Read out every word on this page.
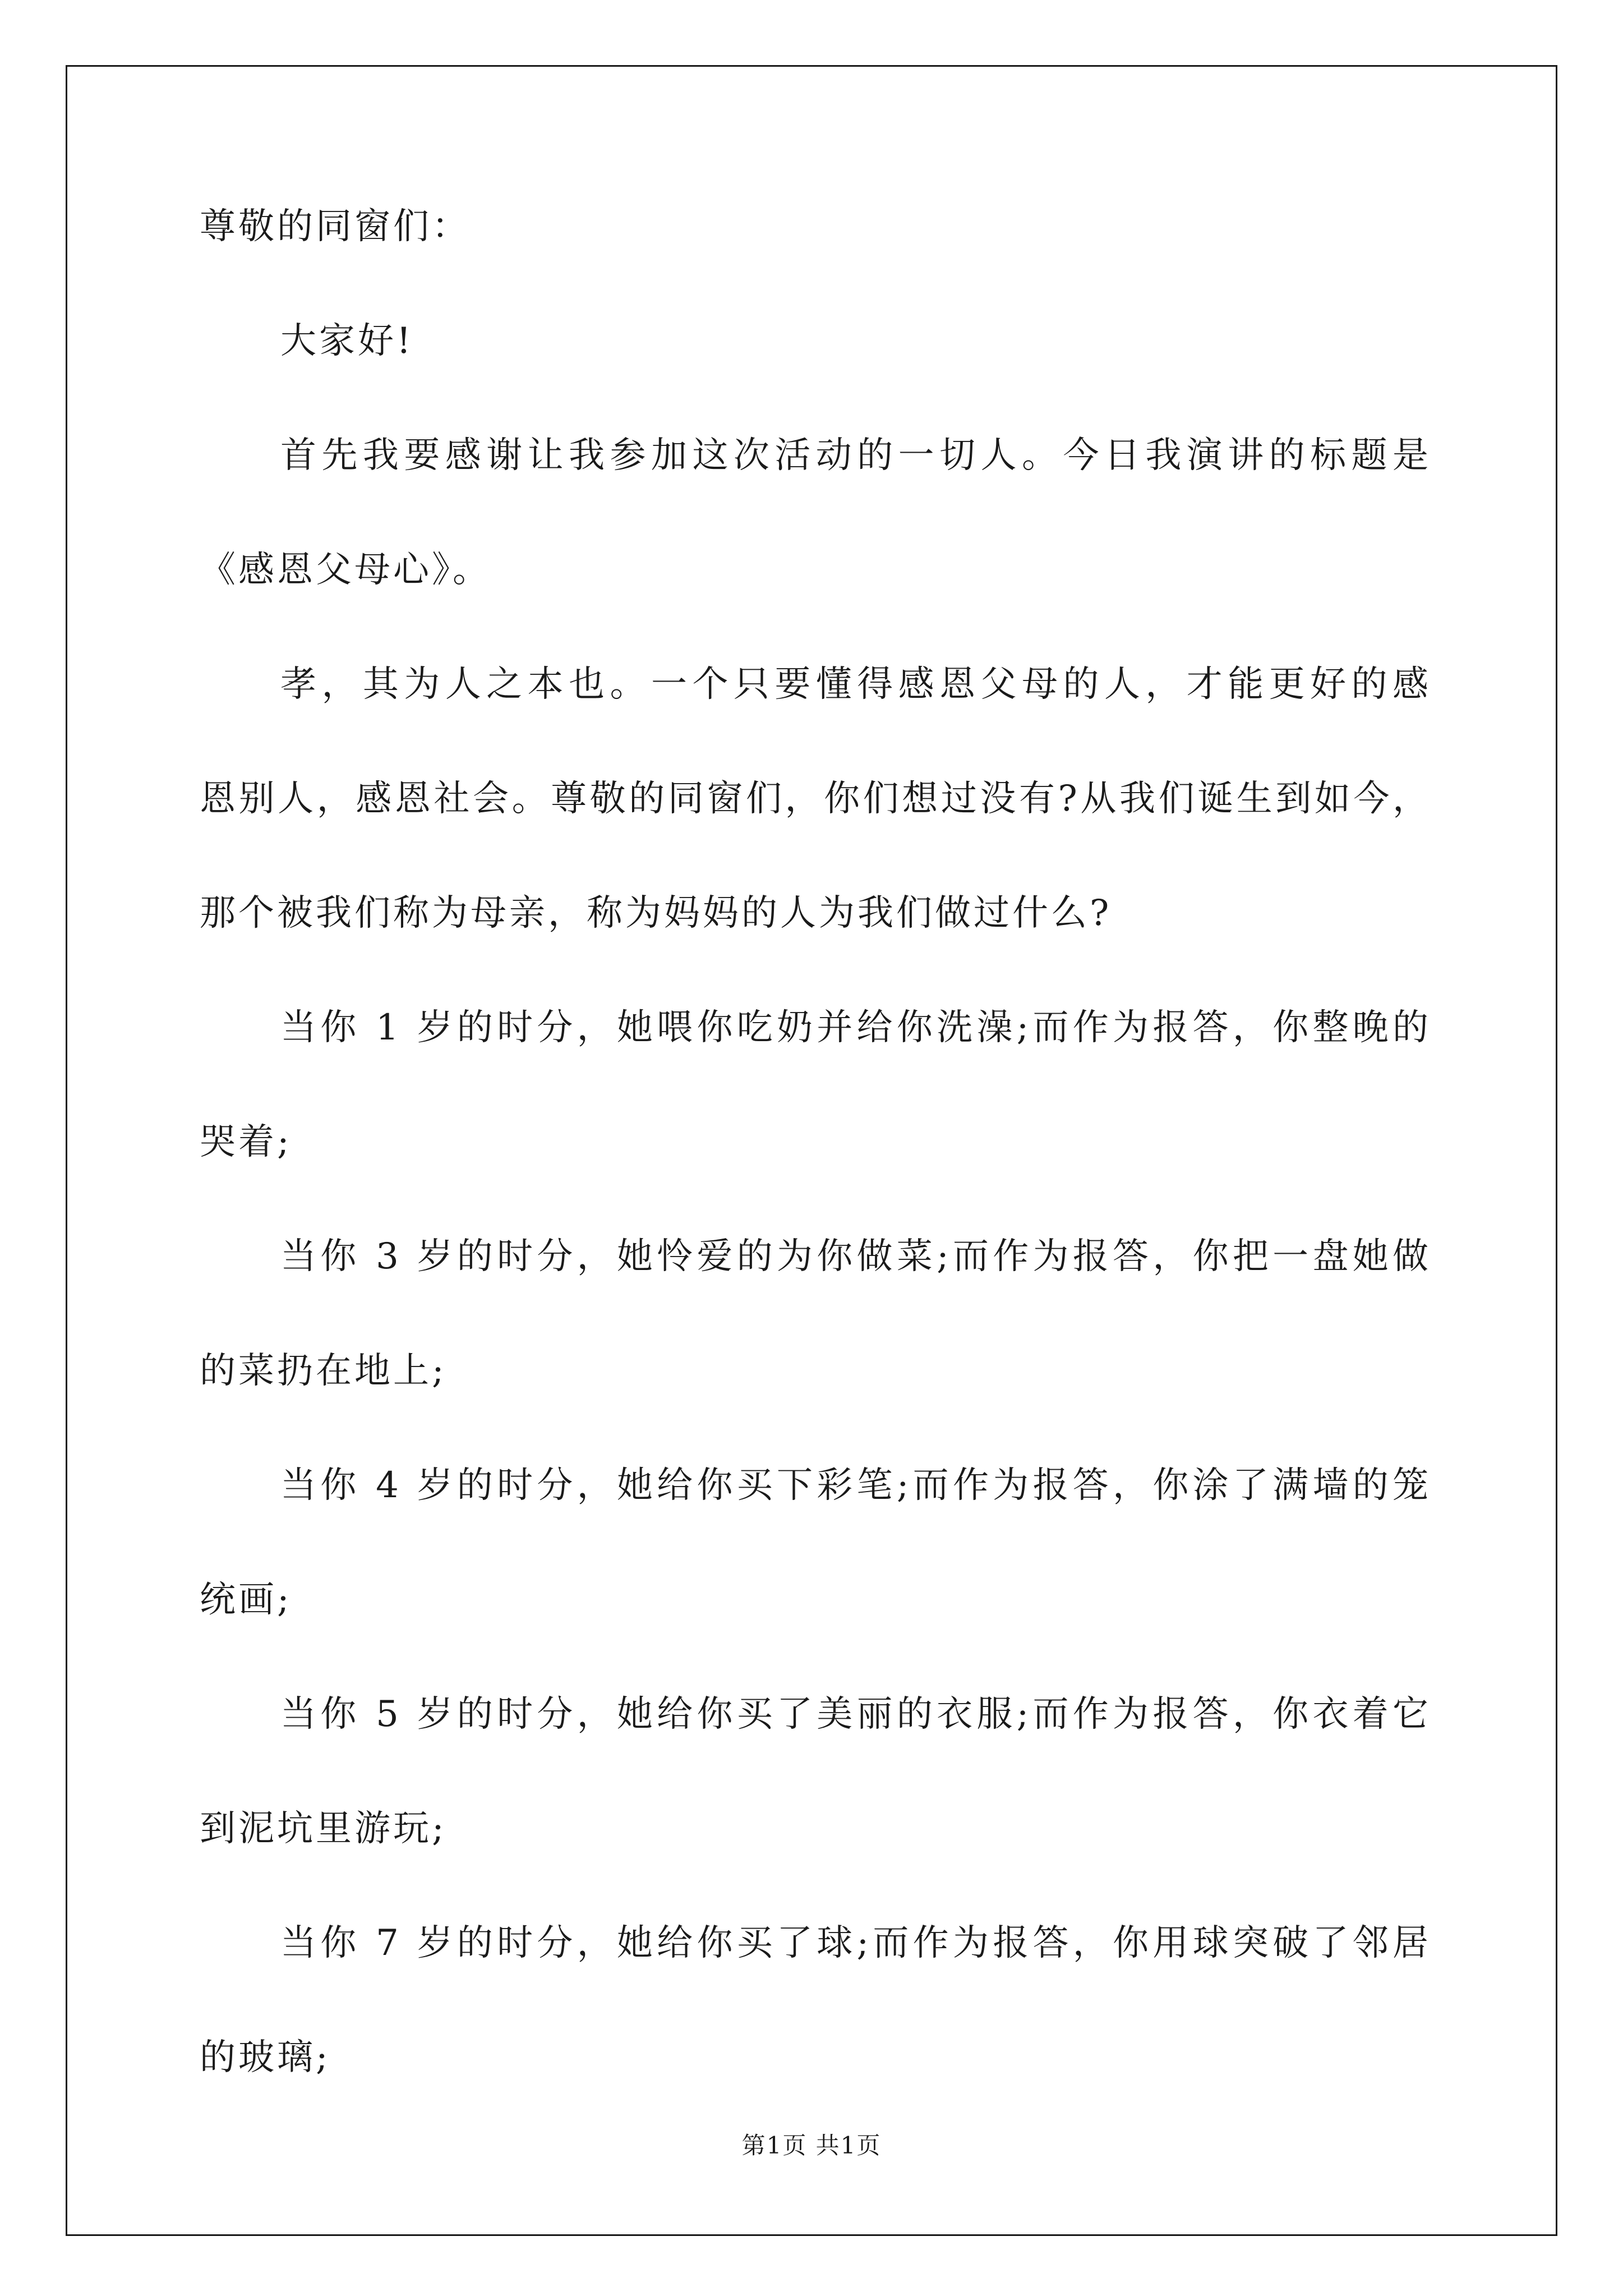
尊敬的同窗们：
大家好!
首先我要感谢让我参加这次活动的一切人。今日我演讲的标题是
《感恩父母心》。
孝，其为人之本也。一个只要懂得感恩父母的人，才能更好的感
恩别人，感恩社会。尊敬的同窗们，你们想过没有?从我们诞生到如今，
那个被我们称为母亲，称为妈妈的人为我们做过什么?
当你 1 岁的时分，她喂你吃奶并给你洗澡;而作为报答，你整晚的
哭着;
当你 3 岁的时分，她怜爱的为你做菜;而作为报答，你把一盘她做
的菜扔在地上;
当你 4 岁的时分，她给你买下彩笔;而作为报答，你涂了满墙的笼
统画;
当你 5 岁的时分，她给你买了美丽的衣服;而作为报答，你衣着它
到泥坑里游玩;
当你 7 岁的时分，她给你买了球;而作为报答，你用球突破了邻居
的玻璃;
第1页 共1页
